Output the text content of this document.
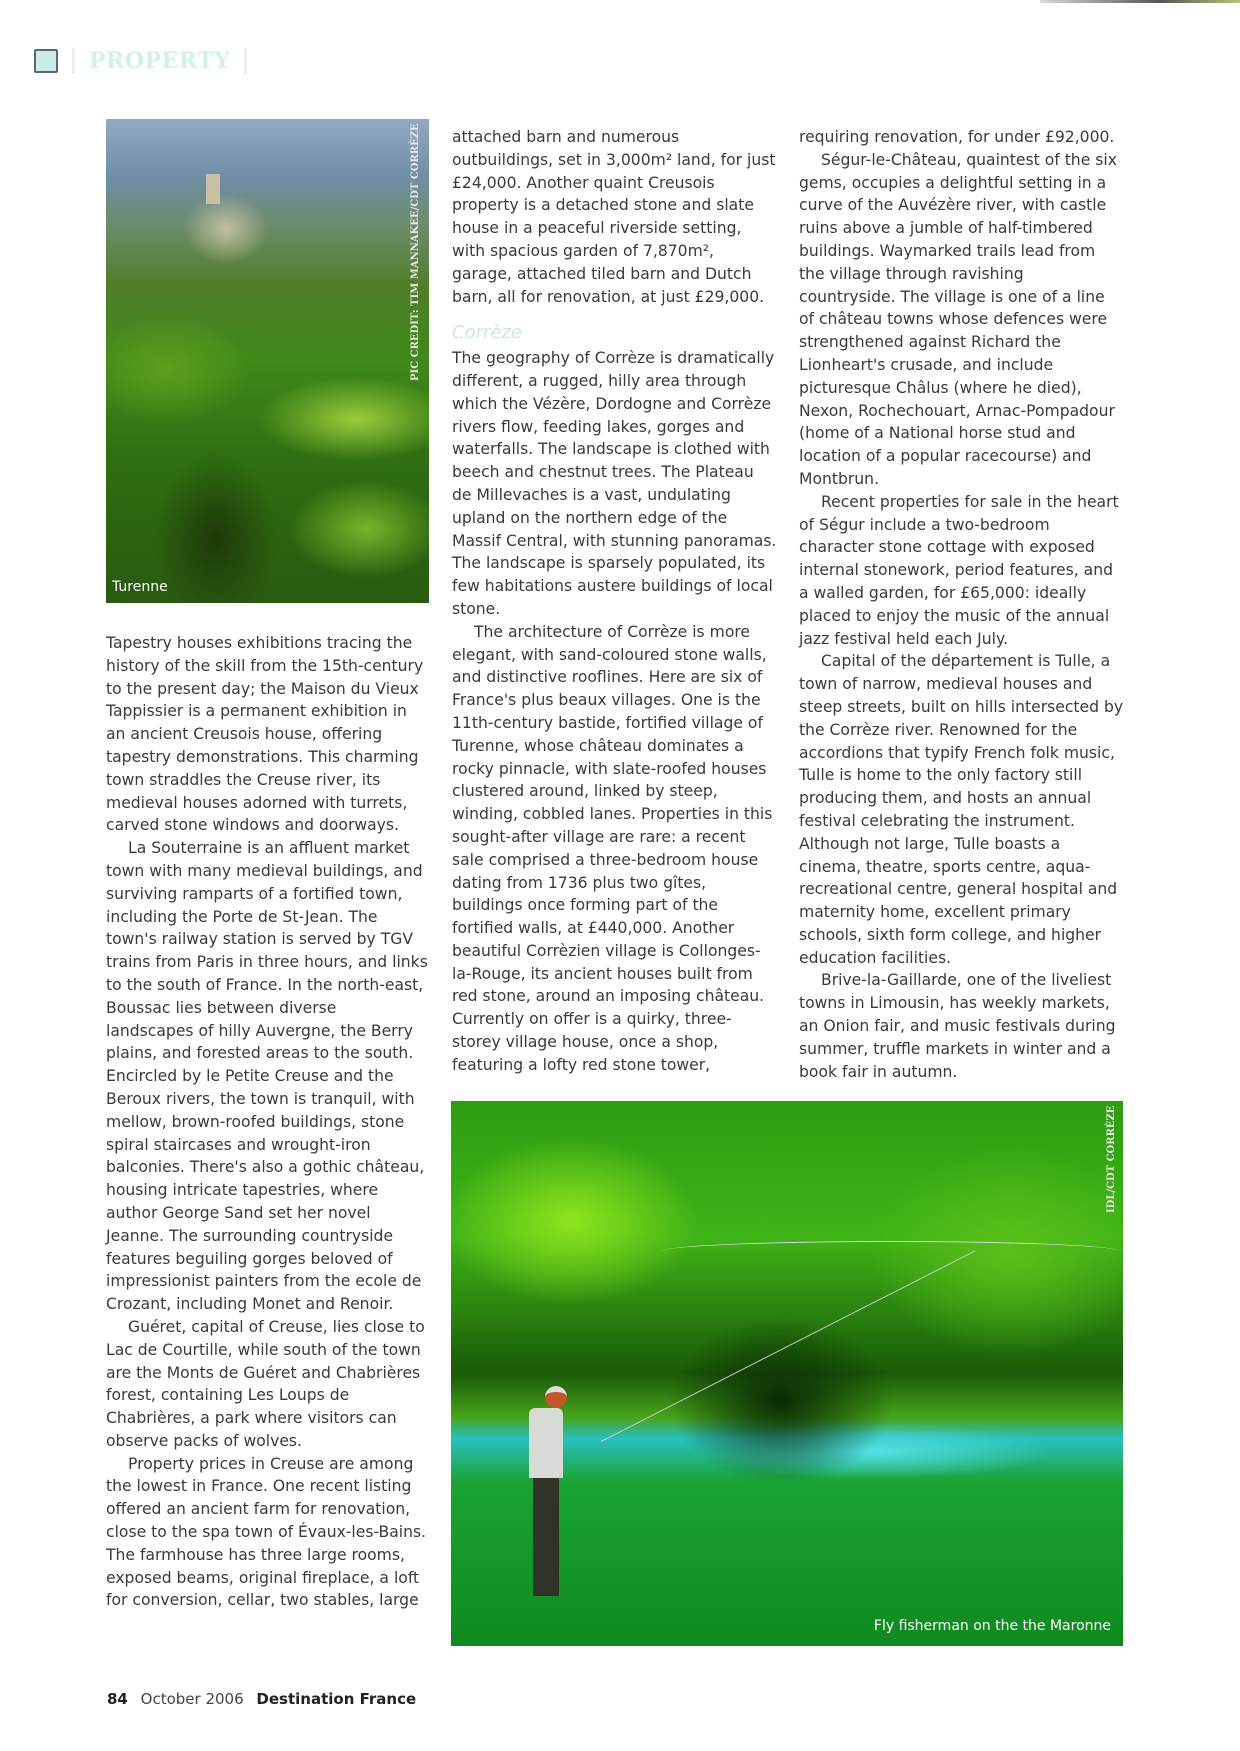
PROPERTY
PIC CREDIT: TIM MANNAKEE/CDT CORRÈZE
Turenne

Tapestry houses exhibitions tracing the history of the skill from the 15th-century to the present day; the Maison du Vieux Tappissier is a permanent exhibition in an ancient Creusois house, offering tapestry demonstrations. This charming town straddles the Creuse river, its medieval houses adorned with turrets, carved stone windows and doorways.

La Souterraine is an affluent market town with many medieval buildings, and surviving ramparts of a fortified town, including the Porte de St-Jean. The town's railway station is served by TGV trains from Paris in three hours, and links to the south of France. In the north-east, Boussac lies between diverse landscapes of hilly Auvergne, the Berry plains, and forested areas to the south. Encircled by le Petite Creuse and the Beroux rivers, the town is tranquil, with mellow, brown-roofed buildings, stone spiral staircases and wrought-iron balconies. There's also a gothic château, housing intricate tapestries, where author George Sand set her novel Jeanne. The surrounding countryside features beguiling gorges beloved of impressionist painters from the ecole de Crozant, including Monet and Renoir.

Guéret, capital of Creuse, lies close to Lac de Courtille, while south of the town are the Monts de Guéret and Chabrières forest, containing Les Loups de Chabrières, a park where visitors can observe packs of wolves.

Property prices in Creuse are among the lowest in France. One recent listing offered an ancient farm for renovation, close to the spa town of Évaux-les-Bains. The farmhouse has three large rooms, exposed beams, original fireplace, a loft for conversion, cellar, two stables, large

attached barn and numerous outbuildings, set in 3,000m² land, for just £24,000. Another quaint Creusois property is a detached stone and slate house in a peaceful riverside setting, with spacious garden of 7,870m², garage, attached tiled barn and Dutch barn, all for renovation, at just £29,000.

Corrèze

The geography of Corrèze is dramatically different, a rugged, hilly area through which the Vézère, Dordogne and Corrèze rivers flow, feeding lakes, gorges and waterfalls. The landscape is clothed with beech and chestnut trees. The Plateau de Millevaches is a vast, undulating upland on the northern edge of the Massif Central, with stunning panoramas. The landscape is sparsely populated, its few habitations austere buildings of local stone.

The architecture of Corrèze is more elegant, with sand-coloured stone walls, and distinctive rooflines. Here are six of France's plus beaux villages. One is the 11th-century bastide, fortified village of Turenne, whose château dominates a rocky pinnacle, with slate-roofed houses clustered around, linked by steep, winding, cobbled lanes. Properties in this sought-after village are rare: a recent sale comprised a three-bedroom house dating from 1736 plus two gîtes, buildings once forming part of the fortified walls, at £440,000. Another beautiful Corrèzien village is Collonges-la-Rouge, its ancient houses built from red stone, around an imposing château. Currently on offer is a quirky, three-storey village house, once a shop, featuring a lofty red stone tower,

requiring renovation, for under £92,000.

Ségur-le-Château, quaintest of the six gems, occupies a delightful setting in a curve of the Auvézère river, with castle ruins above a jumble of half-timbered buildings. Waymarked trails lead from the village through ravishing countryside. The village is one of a line of château towns whose defences were strengthened against Richard the Lionheart's crusade, and include picturesque Châlus (where he died), Nexon, Rochechouart, Arnac-Pompadour (home of a National horse stud and location of a popular racecourse) and Montbrun.

Recent properties for sale in the heart of Ségur include a two-bedroom character stone cottage with exposed internal stonework, period features, and a walled garden, for £65,000: ideally placed to enjoy the music of the annual jazz festival held each July.

Capital of the département is Tulle, a town of narrow, medieval houses and steep streets, built on hills intersected by the Corrèze river. Renowned for the accordions that typify French folk music, Tulle is home to the only factory still producing them, and hosts an annual festival celebrating the instrument. Although not large, Tulle boasts a cinema, theatre, sports centre, aqua-recreational centre, general hospital and maternity home, excellent primary schools, sixth form college, and higher education facilities.

Brive-la-Gaillarde, one of the liveliest towns in Limousin, has weekly markets, an Onion fair, and music festivals during summer, truffle markets in winter and a book fair in autumn.

IDL/CDT CORRÈZE
Fly fisherman on the the Maronne
84 October 2006 Destination France
